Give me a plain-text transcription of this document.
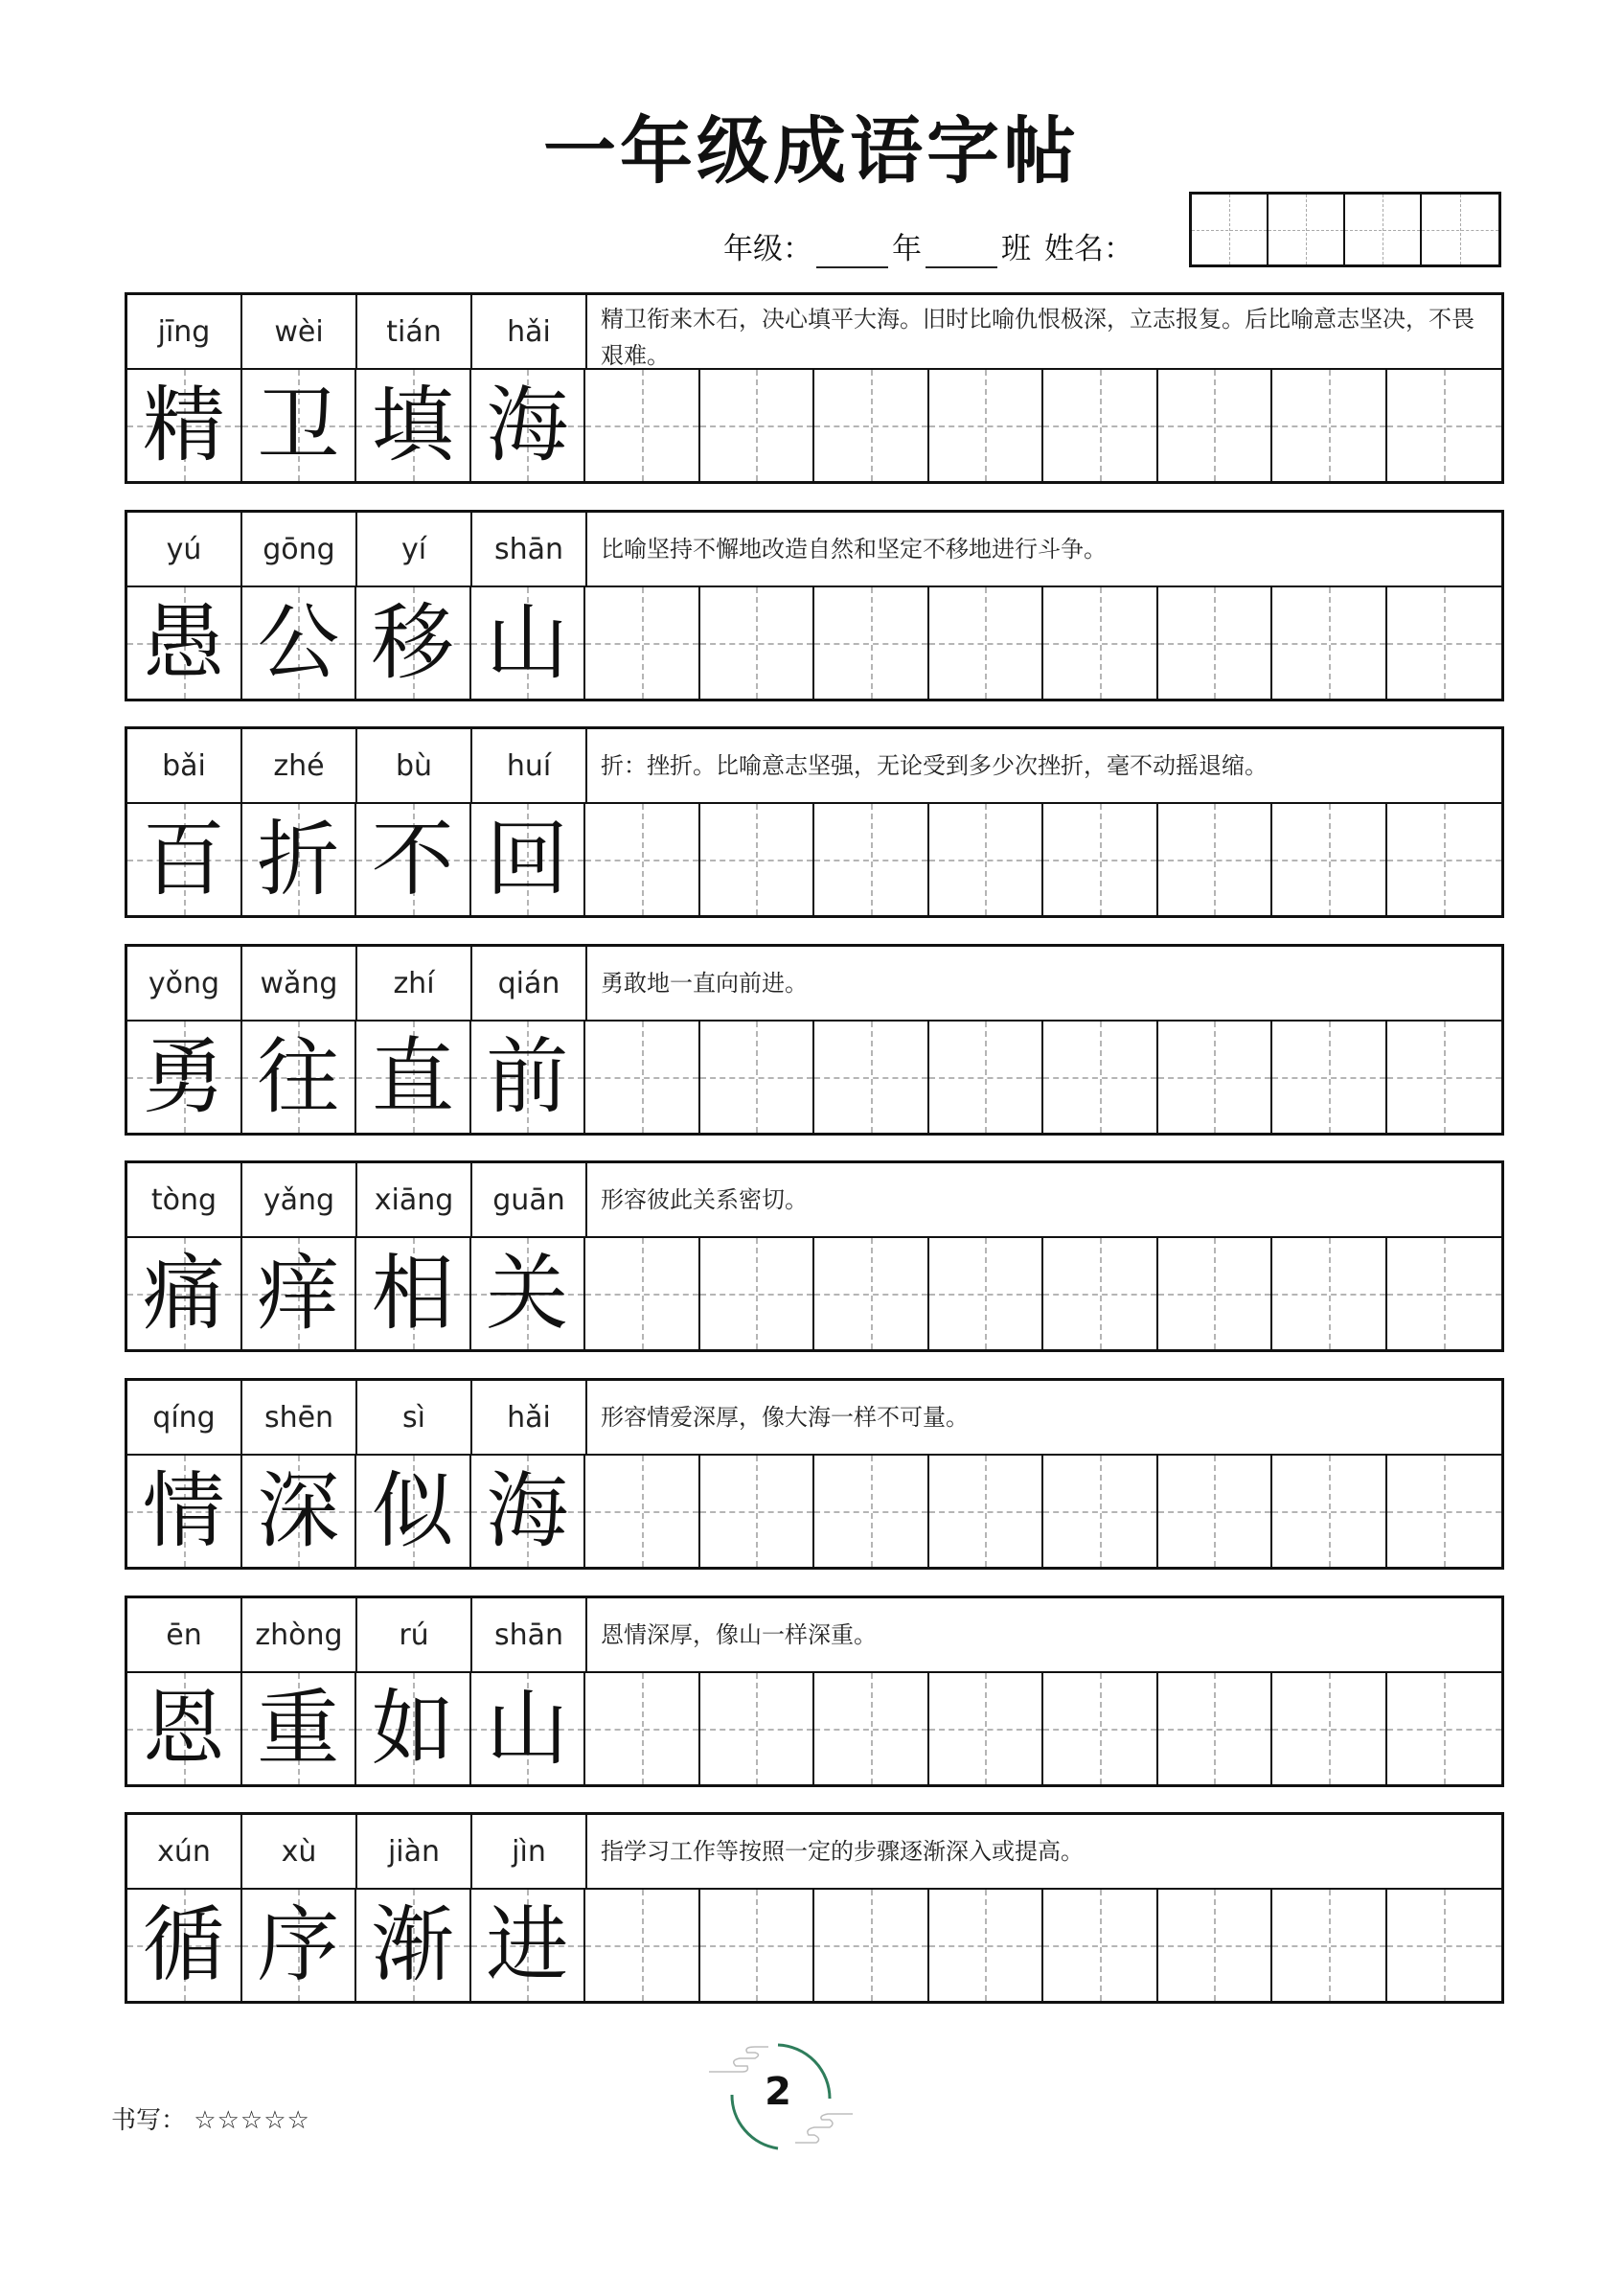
一年级成语字帖
年级：	年	班 姓名：
jīng	wèi	tián	hǎi	精卫衔来木石，决心填平大海。旧时比喻仇恨极深，立志报复。后比喻意志坚决，不畏艰难。
精 卫 填 海
yú	gōng	yí	shān	比喻坚持不懈地改造自然和坚定不移地进行斗争。
愚 公 移 山
bǎi	zhé	bù	huí	折：挫折。比喻意志坚强，无论受到多少次挫折，毫不动摇退缩。
百 折 不 回
yǒng	wǎng	zhí	qián	勇敢地一直向前进。
勇 往 直 前
tòng	yǎng	xiāng	guān	形容彼此关系密切。
痛 痒 相 关
qíng	shēn	sì	hǎi	形容情爱深厚，像大海一样不可量。
情 深 似 海
ēn	zhòng	rú	shān	恩情深厚，像山一样深重。
恩 重 如 山
xún	xù	jiàn	jìn	指学习工作等按照一定的步骤逐渐深入或提高。
循 序 渐 进
书写： ☆☆☆☆☆
2
